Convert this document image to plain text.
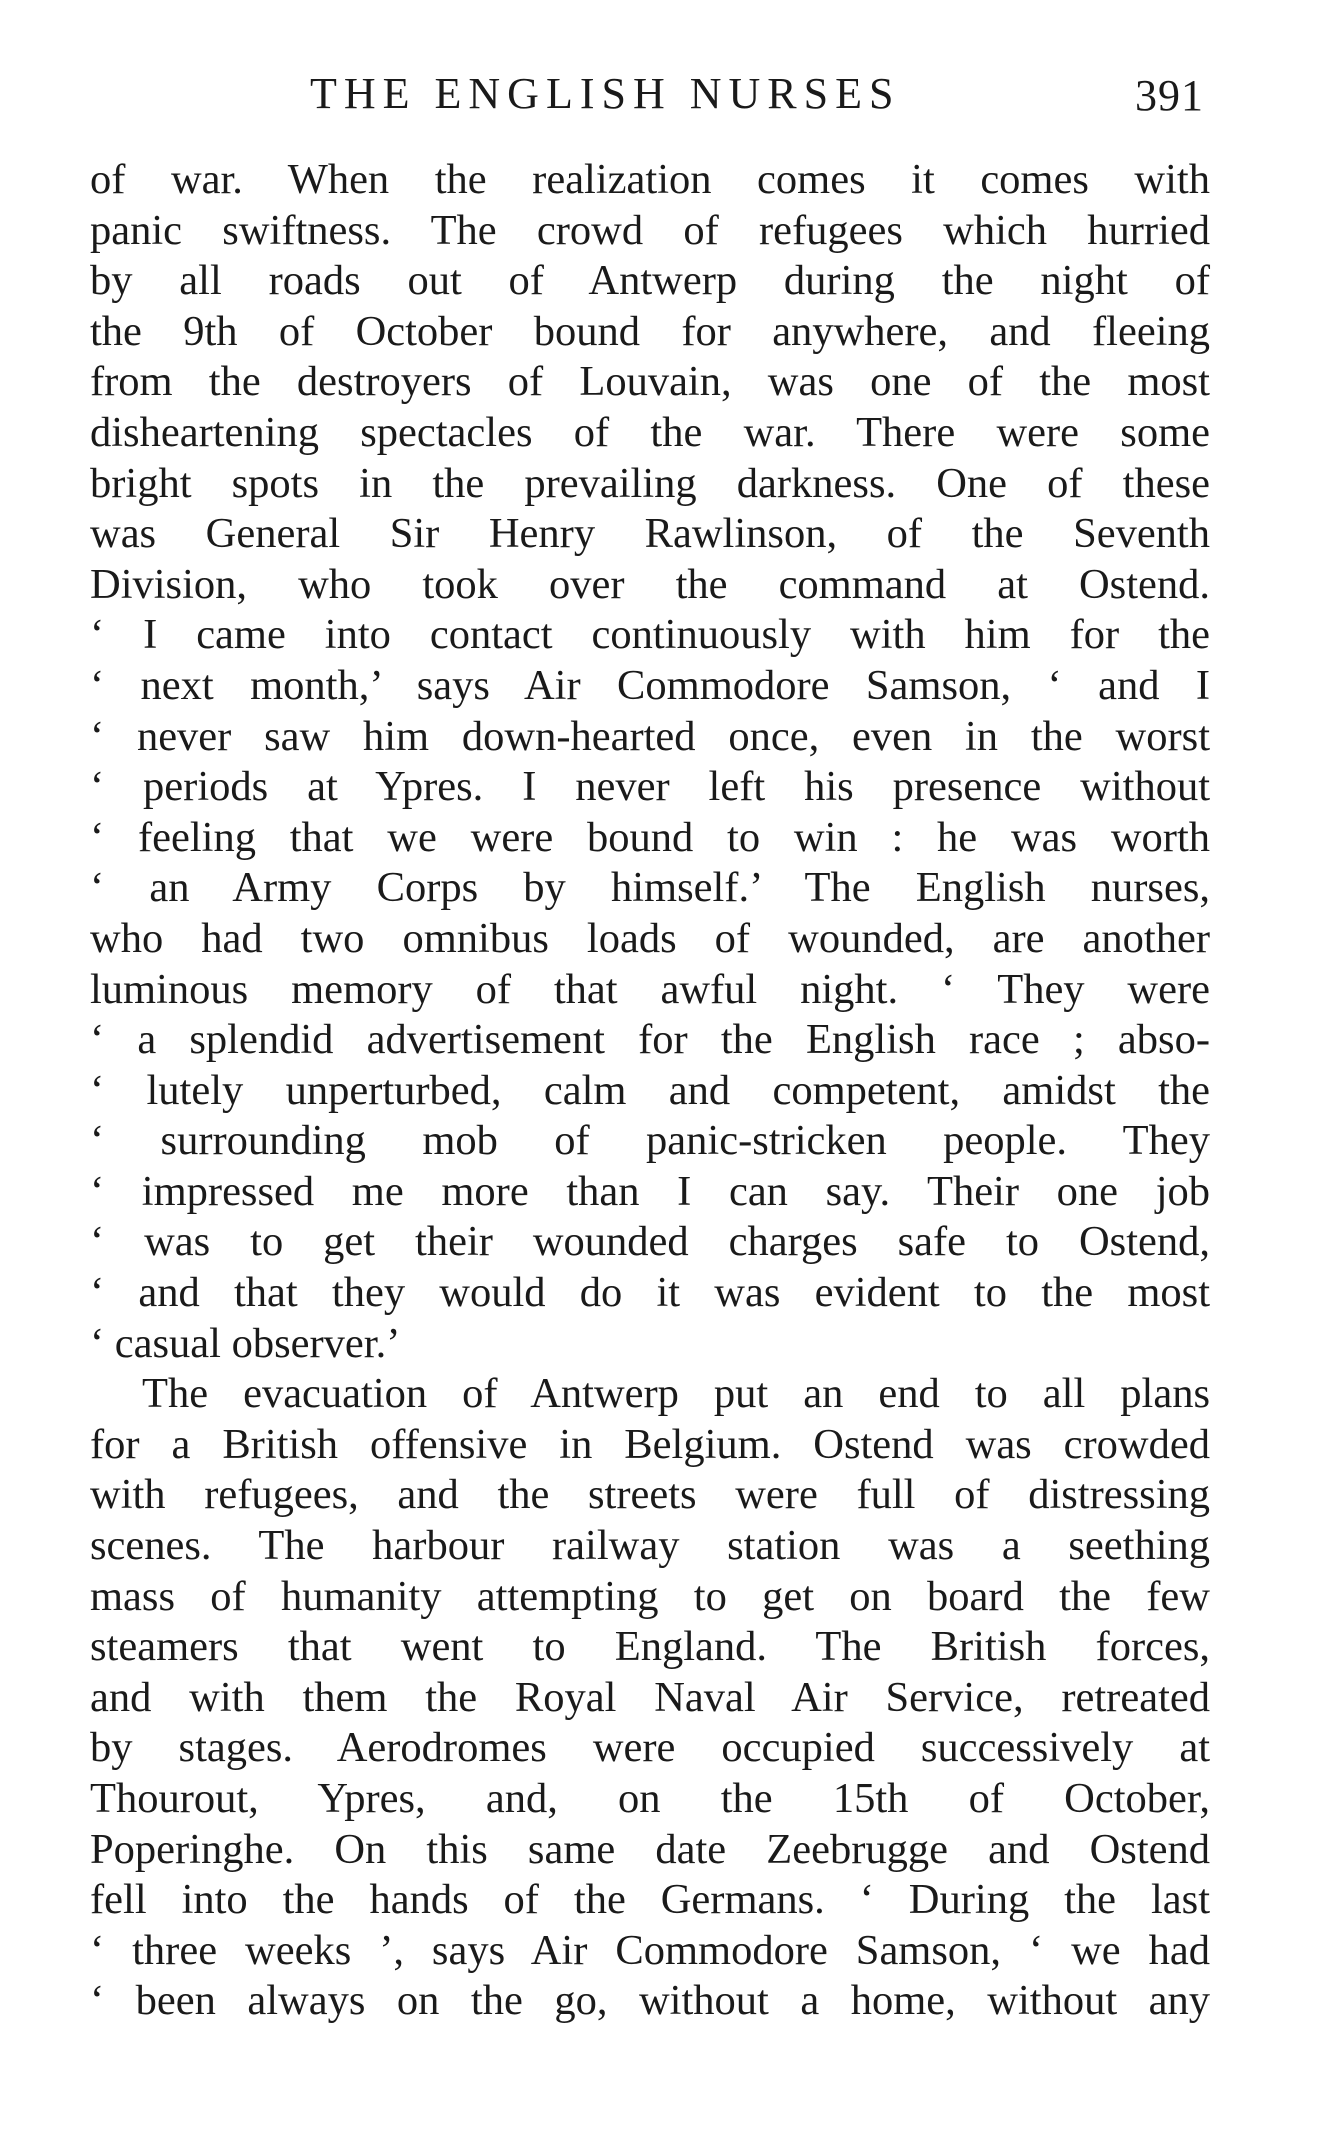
THE ENGLISH NURSES	391
of war. When the realization comes it comes with
panic swiftness. The crowd of refugees which hurried
by all roads out of Antwerp during the night of
the 9th of October bound for anywhere, and fleeing
from the destroyers of Louvain, was one of the most
disheartening spectacles of the war. There were some
bright spots in the prevailing darkness. One of these
was General Sir Henry Rawlinson, of the Seventh
Division, who took over the command at Ostend.
‘ I came into contact continuously with him for the
‘ next month,’ says Air Commodore Samson, ‘ and I
‘ never saw him down-hearted once, even in the worst
‘ periods at Ypres. I never left his presence without
‘ feeling that we were bound to win : he was worth
‘ an Army Corps by himself.’ The English nurses,
who had two omnibus loads of wounded, are another
luminous memory of that awful night. ‘ They were
‘ a splendid advertisement for the English race ; abso-
‘ lutely unperturbed, calm and competent, amidst the
‘ surrounding mob of panic-stricken people. They
‘ impressed me more than I can say. Their one job
‘ was to get their wounded charges safe to Ostend,
‘ and that they would do it was evident to the most
‘ casual observer.’
The evacuation of Antwerp put an end to all plans
for a British offensive in Belgium. Ostend was crowded
with refugees, and the streets were full of distressing
scenes. The harbour railway station was a seething
mass of humanity attempting to get on board the few
steamers that went to England. The British forces,
and with them the Royal Naval Air Service, retreated
by stages. Aerodromes were occupied successively at
Thourout, Ypres, and, on the 15th of October,
Poperinghe. On this same date Zeebrugge and Ostend
fell into the hands of the Germans. ‘ During the last
‘ three weeks ’, says Air Commodore Samson, ‘ we had
‘ been always on the go, without a home, without any
